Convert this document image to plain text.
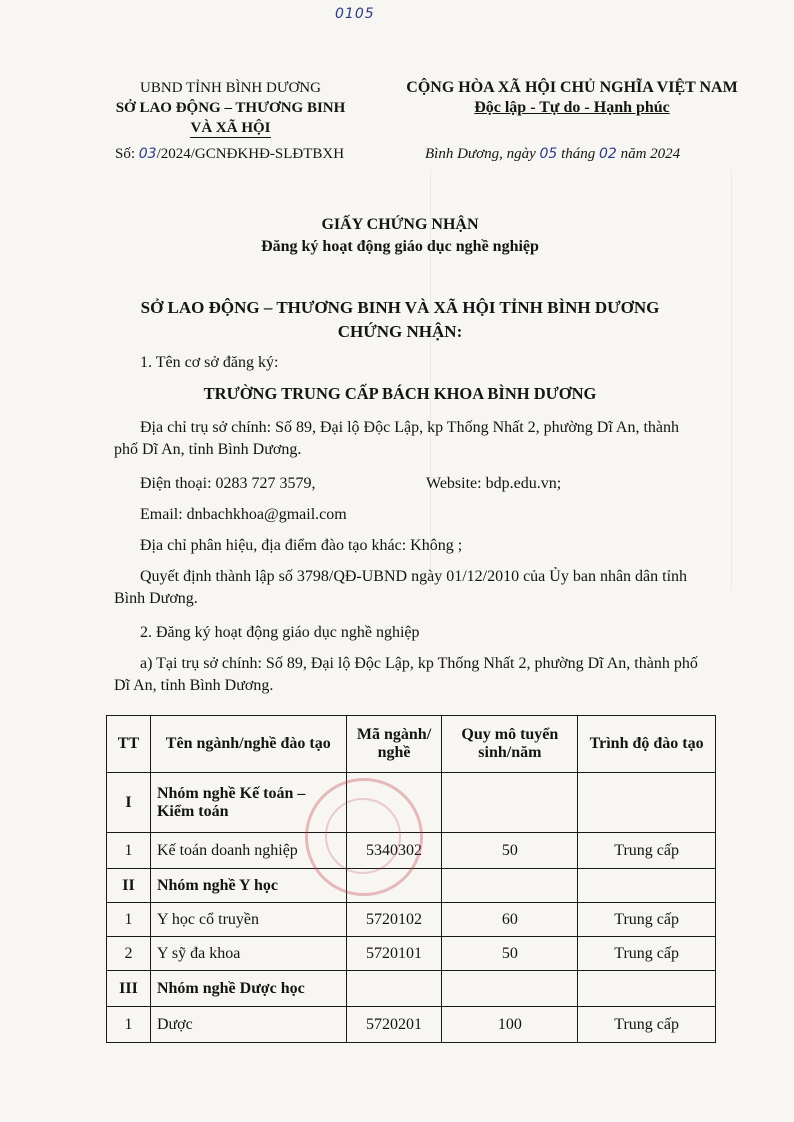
0105
UBND TỈNH BÌNH DƯƠNG
SỞ LAO ĐỘNG – THƯƠNG BINH
VÀ XÃ HỘI
CỘNG HÒA XÃ HỘI CHỦ NGHĨA VIỆT NAM
Độc lập - Tự do - Hạnh phúc
Số: 03/2024/GCNĐKHĐ-SLĐTBXH	Bình Dương, ngày 05 tháng 02 năm 2024
GIẤY CHỨNG NHẬN
Đăng ký hoạt động giáo dục nghề nghiệp
SỞ LAO ĐỘNG – THƯƠNG BINH VÀ XÃ HỘI TỈNH BÌNH DƯƠNG
CHỨNG NHẬN:
1. Tên cơ sở đăng ký:
TRƯỜNG TRUNG CẤP BÁCH KHOA BÌNH DƯƠNG
Địa chỉ trụ sở chính: Số 89, Đại lộ Độc Lập, kp Thống Nhất 2, phường Dĩ An, thành phố Dĩ An, tỉnh Bình Dương.
Điện thoại: 0283 727 3579,	Website: bdp.edu.vn;
Email: dnbachkhoa@gmail.com
Địa chỉ phân hiệu, địa điểm đào tạo khác: Không ;
Quyết định thành lập số 3798/QĐ-UBND ngày 01/12/2010 của Ủy ban nhân dân tỉnh Bình Dương.
2. Đăng ký hoạt động giáo dục nghề nghiệp
a) Tại trụ sở chính: Số 89, Đại lộ Độc Lập, kp Thống Nhất 2, phường Dĩ An, thành phố Dĩ An, tỉnh Bình Dương.
TT	Tên ngành/nghề đào tạo	Mã ngành/ nghề	Quy mô tuyển sinh/năm	Trình độ đào tạo
I	Nhóm nghề Kế toán – Kiểm toán			
1	Kế toán doanh nghiệp	5340302	50	Trung cấp
II	Nhóm nghề Y học			
1	Y học cổ truyền	5720102	60	Trung cấp
2	Y sỹ đa khoa	5720101	50	Trung cấp
III	Nhóm nghề Dược học			
1	Dược	5720201	100	Trung cấp
